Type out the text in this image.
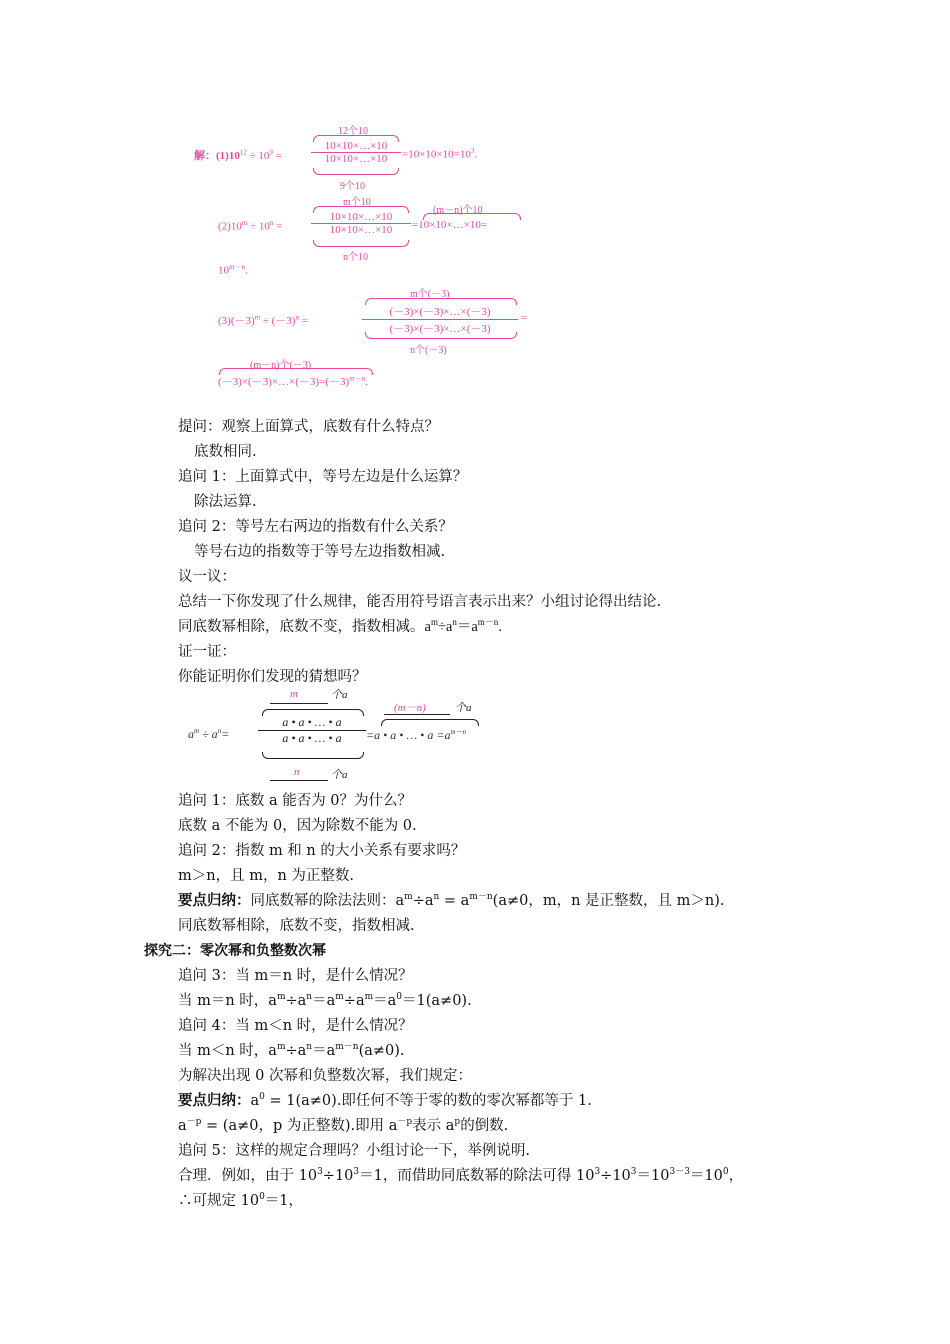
解：$(1)10^{12} \div 10^9$ =
12个10
$\frac{10\times 10\times\dots\times 10}{10\times 10\times\dots\times 10}$
9个10
$=10\times 10\times 10=10^3$.
$(2)10^m \div 10^n$ =
m个10
$\frac{10\times 10\times\dots\times 10}{10\times 10\times\dots\times 10}$
n个10
(m－n)个10
=10×10×…×10=
$10^{m-n}$.
$(3)(-3)^m \div (-3)^n$ =
m个(－3)
$\frac{(-3)\times(-3)\times\dots\times(-3)}{(-3)\times(-3)\times\dots\times(-3)}$
n个(－3)
=
(m－n)个(－3)
$(-3)\times(-3)\times\dots\times(-3)=(-3)^{m-n}$.
提问：观察上面算式，底数有什么特点？
底数相同.
追问 1：上面算式中，等号左边是什么运算？
除法运算.
追问 2：等号左右两边的指数有什么关系？
等号右边的指数等于等号左边指数相减.
议一议：
总结一下你发现了什么规律，能否用符号语言表示出来？小组讨论得出结论.
同底数幂相除，底数不变，指数相减。$a^m\div a^n=a^{m-n}$.
证一证：
你能证明你们发现的猜想吗？
$a^m \div a^n=$
m	个a
$\frac{a • a • \dots • a}{a • a • \dots • a}$
n	个a
(m－n)	个a
=a • a • … • $a =a^{m-n}$
追问 1：底数 a 能否为 0？为什么？
底数 a 不能为 0，因为除数不能为 0.
追问 2：指数 m 和 n 的大小关系有要求吗？
m＞n，且 m，n 为正整数.
要点归纳：同底数幂的除法法则：$a^m\div a^n = a^{m-n}(a\ne 0$，m，n 是正整数，且 m＞n).
同底数幂相除，底数不变，指数相减.
探究二：零次幂和负整数次幂
追问 3：当 m＝n 时，是什么情况？
当 m＝n 时，$a^m\div a^n=a^m\div a^m=a^0=1(a\ne 0)$.
追问 4：当 m＜n 时，是什么情况？
当 m＜n 时，$a^m\div a^n=a^{m-n}(a\ne 0)$.
为解决出现 0 次幂和负整数次幂，我们规定：
要点归纳：$a^0 = 1(a\ne 0)$.即任何不等于零的数的零次幂都等于 1.
$a^{-p} = (a\ne 0$，p 为正整数).即用 $a^{-p}$表示 $a^p$的倒数.
追问 5：这样的规定合理吗？小组讨论一下，举例说明.
合理．例如，由于 $10^3\div 10^3=1$，而借助同底数幂的除法可得 $10^3\div 10^3=10^{3-3}=10^0$，
∴可规定 $10^0=1$，
